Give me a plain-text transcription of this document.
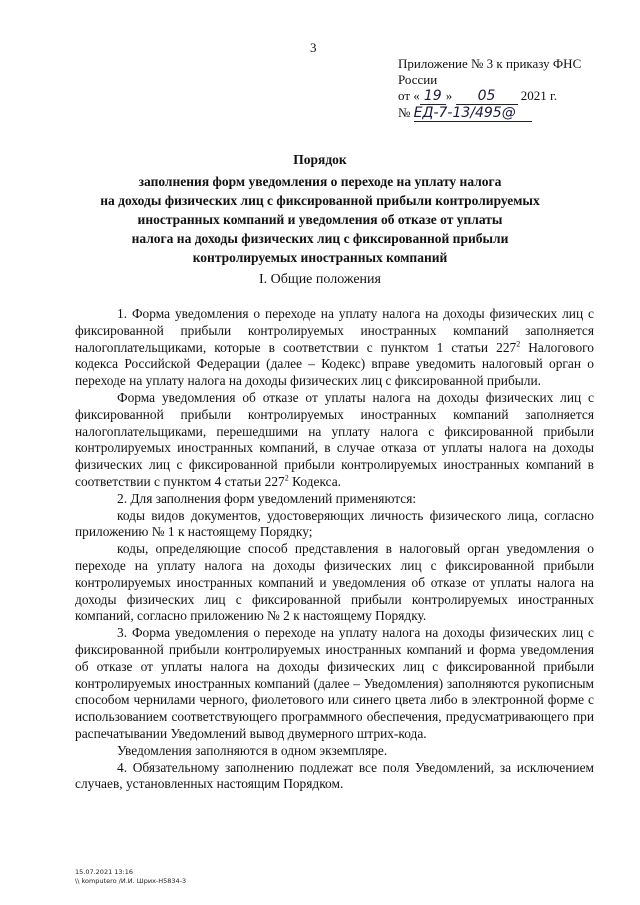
3
Приложение № 3 к приказу ФНС
России
от « 19 » 05 2021 г.
№ ЕД-7-13/495@
Порядок
заполнения форм уведомления о переходе на уплату налога
на доходы физических лиц с фиксированной прибыли контролируемых
иностранных компаний и уведомления об отказе от уплаты
налога на доходы физических лиц с фиксированной прибыли
контролируемых иностранных компаний
I. Общие положения

1. Форма уведомления о переходе на уплату налога на доходы физических лиц с фиксированной прибыли контролируемых иностранных компаний заполняется налогоплательщиками, которые в соответствии с пунктом 1 статьи $227^2$ Налогового кодекса Российской Федерации (далее – Кодекс) вправе уведомить налоговый орган о переходе на уплату налога на доходы физических лиц с фиксированной прибыли.

Форма уведомления об отказе от уплаты налога на доходы физических лиц с фиксированной прибыли контролируемых иностранных компаний заполняется налогоплательщиками, перешедшими на уплату налога с фиксированной прибыли контролируемых иностранных компаний, в случае отказа от уплаты налога на доходы физических лиц с фиксированной прибыли контролируемых иностранных компаний в соответствии с пунктом 4 статьи $227^2$ Кодекса.

2. Для заполнения форм уведомлений применяются:

коды видов документов, удостоверяющих личность физического лица, согласно приложению № 1 к настоящему Порядку;

коды, определяющие способ представления в налоговый орган уведомления о переходе на уплату налога на доходы физических лиц с фиксированной прибыли контролируемых иностранных компаний и уведомления об отказе от уплаты налога на доходы физических лиц с фиксированной прибыли контролируемых иностранных компаний, согласно приложению № 2 к настоящему Порядку.

3. Форма уведомления о переходе на уплату налога на доходы физических лиц с фиксированной прибыли контролируемых иностранных компаний и форма уведомления об отказе от уплаты налога на доходы физических лиц с фиксированной прибыли контролируемых иностранных компаний (далее – Уведомления) заполняются рукописным способом чернилами черного, фиолетового или синего цвета либо в электронной форме с использованием соответствующего программного обеспечения, предусматривающего при распечатывании Уведомлений вывод двумерного штрих-кода.

Уведомления заполняются в одном экземпляре.

4. Обязательному заполнению подлежат все поля Уведомлений, за исключением случаев, установленных настоящим Порядком.

15.07.2021 13:16
\\ komputero /И.И. Шрих-Н5834-3
